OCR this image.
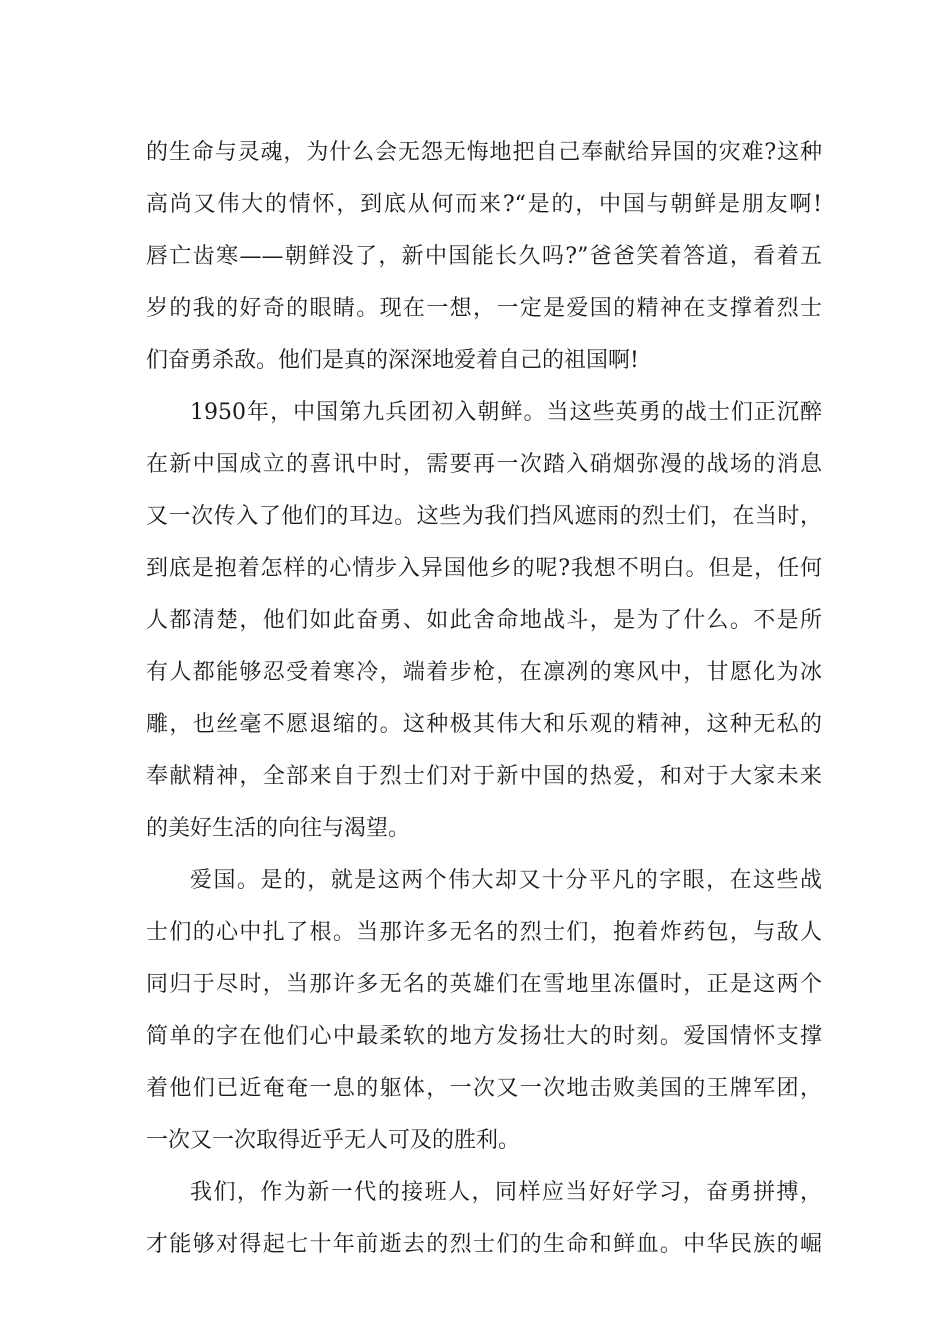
的生命与灵魂，为什么会无怨无悔地把自己奉献给异国的灾难?这种
高尚又伟大的情怀，到底从何而来?“是的，中国与朝鲜是朋友啊!
唇亡齿寒——朝鲜没了，新中国能长久吗?”爸爸笑着答道，看着五
岁的我的好奇的眼睛。现在一想，一定是爱国的精神在支撑着烈士
们奋勇杀敌。他们是真的深深地爱着自己的祖国啊!
1950年，中国第九兵团初入朝鲜。当这些英勇的战士们正沉醉
在新中国成立的喜讯中时，需要再一次踏入硝烟弥漫的战场的消息
又一次传入了他们的耳边。这些为我们挡风遮雨的烈士们，在当时，
到底是抱着怎样的心情步入异国他乡的呢?我想不明白。但是，任何
人都清楚，他们如此奋勇、如此舍命地战斗，是为了什么。不是所
有人都能够忍受着寒冷，端着步枪，在凛冽的寒风中，甘愿化为冰
雕，也丝毫不愿退缩的。这种极其伟大和乐观的精神，这种无私的
奉献精神，全部来自于烈士们对于新中国的热爱，和对于大家未来
的美好生活的向往与渴望。
爱国。是的，就是这两个伟大却又十分平凡的字眼，在这些战
士们的心中扎了根。当那许多无名的烈士们，抱着炸药包，与敌人
同归于尽时，当那许多无名的英雄们在雪地里冻僵时，正是这两个
简单的字在他们心中最柔软的地方发扬壮大的时刻。爱国情怀支撑
着他们已近奄奄一息的躯体，一次又一次地击败美国的王牌军团，
一次又一次取得近乎无人可及的胜利。
我们，作为新一代的接班人，同样应当好好学习，奋勇拼搏，
才能够对得起七十年前逝去的烈士们的生命和鲜血。中华民族的崛
